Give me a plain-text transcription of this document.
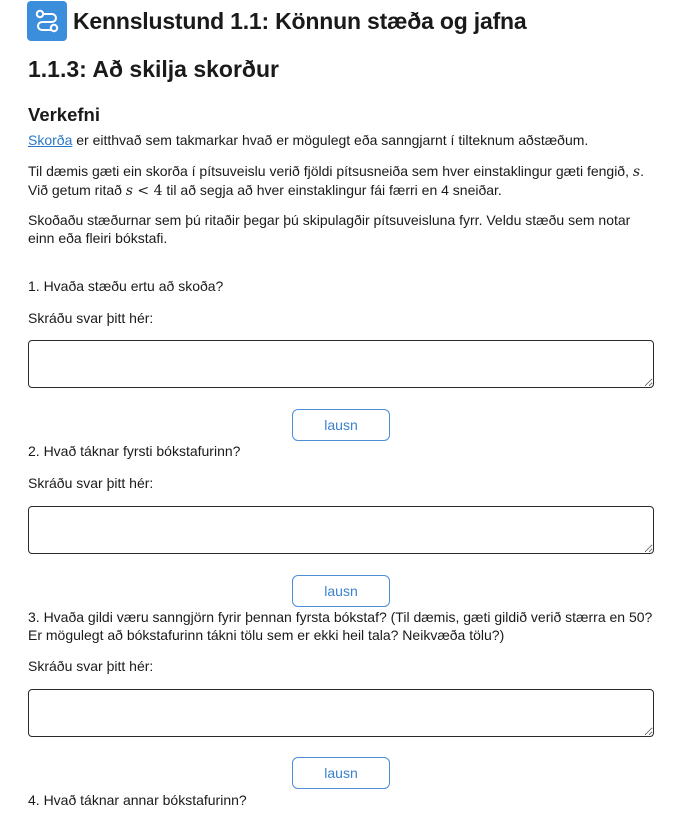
Kennslustund 1.1: Könnun stæða og jafna
1.1.3: Að skilja skorður
Verkefni

Skorða er eitthvað sem takmarkar hvað er mögulegt eða sanngjarnt í tilteknum aðstæðum.

Til dæmis gæti ein skorða í pítsuveislu verið fjöldi pítsusneiða sem hver einstaklingur gæti fengið, s. Við getum ritað s < 4 til að segja að hver einstaklingur fái færri en 4 sneiðar.

Skoðaðu stæðurnar sem þú ritaðir þegar þú skipulagðir pítsuveisluna fyrr. Veldu stæðu sem notar einn eða fleiri bókstafi.

1. Hvaða stæðu ertu að skoða?

Skráðu svar þitt hér:

lausn

2. Hvað táknar fyrsti bókstafurinn?

Skráðu svar þitt hér:

lausn

3. Hvaða gildi væru sanngjörn fyrir þennan fyrsta bókstaf? (Til dæmis, gæti gildið verið stærra en 50? Er mögulegt að bókstafurinn tákni tölu sem er ekki heil tala? Neikvæða tölu?)

Skráðu svar þitt hér:

lausn

4. Hvað táknar annar bókstafurinn?
